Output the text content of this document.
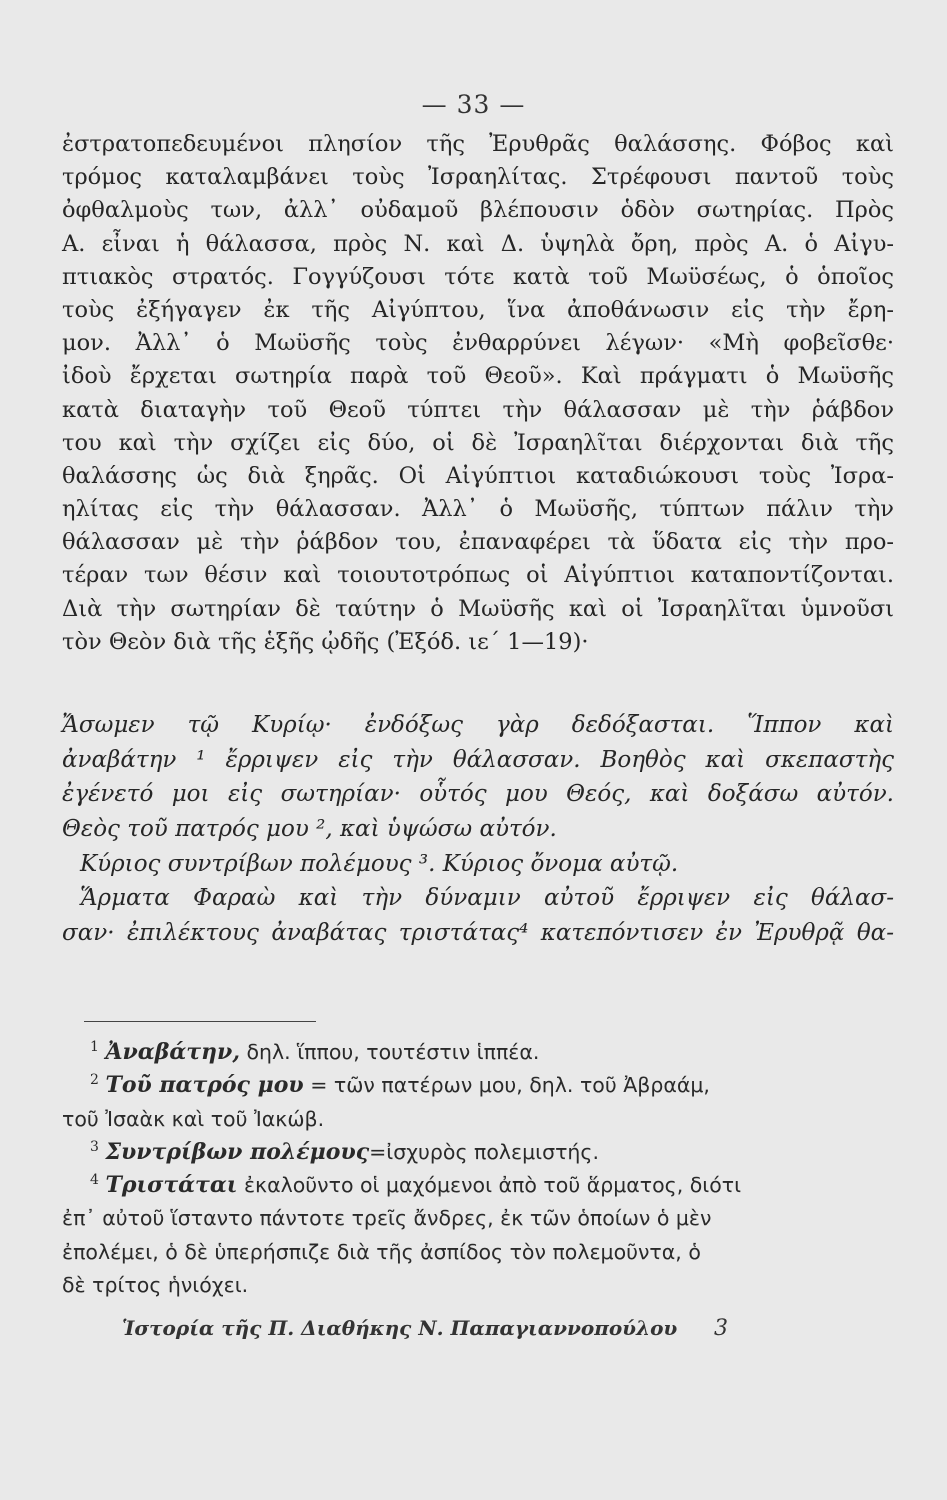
— 33 —
ἐστρατοπεδευμένοι πλησίον τῆς Ἐρυθρᾶς θαλάσσης. Φόβος καὶ
τρόμος καταλαμβάνει τοὺς Ἰσραηλίτας. Στρέφουσι παντοῦ τοὺς
ὀφθαλμοὺς των, ἀλλ᾽ οὐδαμοῦ βλέπουσιν ὁδὸν σωτηρίας. Πρὸς
Α. εἶναι ἡ θάλασσα, πρὸς Ν. καὶ Δ. ὑψηλὰ ὄρη, πρὸς Α. ὁ Αἰγυ-
πτιακὸς στρατός. Γογγύζουσι τότε κατὰ τοῦ Μωϋσέως, ὁ ὁποῖος
τοὺς ἐξήγαγεν ἐκ τῆς Αἰγύπτου, ἵνα ἀποθάνωσιν εἰς τὴν ἔρη-
μον. Ἀλλ᾽ ὁ Μωϋσῆς τοὺς ἐνθαρρύνει λέγων· «Μὴ φοβεῖσθε·
ἰδοὺ ἔρχεται σωτηρία παρὰ τοῦ Θεοῦ». Καὶ πράγματι ὁ Μωϋσῆς
κατὰ διαταγὴν τοῦ Θεοῦ τύπτει τὴν θάλασσαν μὲ τὴν ῥάβδον
του καὶ τὴν σχίζει εἰς δύο, οἱ δὲ Ἰσραηλῖται διέρχονται διὰ τῆς
θαλάσσης ὡς διὰ ξηρᾶς. Οἱ Αἰγύπτιοι καταδιώκουσι τοὺς Ἰσρα-
ηλίτας εἰς τὴν θάλασσαν. Ἀλλ᾽ ὁ Μωϋσῆς, τύπτων πάλιν τὴν
θάλασσαν μὲ τὴν ῥάβδον του, ἐπαναφέρει τὰ ὕδατα εἰς τὴν προ-
τέραν των θέσιν καὶ τοιουτοτρόπως οἱ Αἰγύπτιοι καταποντίζονται.
Διὰ τὴν σωτηρίαν δὲ ταύτην ὁ Μωϋσῆς καὶ οἱ Ἰσραηλῖται ὑμνοῦσι
τὸν Θεὸν διὰ τῆς ἑξῆς ᾠδῆς (Ἐξόδ. ιε΄ 1—19)·
Ἄσωμεν τῷ Κυρίῳ· ἐνδόξως γὰρ δεδόξασται. Ἵππον καὶ
ἀναβάτην ¹ ἔρριψεν εἰς τὴν θάλασσαν. Βοηθὸς καὶ σκεπαστὴς
ἐγένετό μοι εἰς σωτηρίαν· οὗτός μου Θεός, καὶ δοξάσω αὐτόν.
Θεὸς τοῦ πατρός μου ², καὶ ὑψώσω αὐτόν.
Κύριος συντρίβων πολέμους ³. Κύριος ὄνομα αὐτῷ.
Ἅρματα Φαραὼ καὶ τὴν δύναμιν αὐτοῦ ἔρριψεν εἰς θάλασ-
σαν· ἐπιλέκτους ἀναβάτας τριστάτας⁴ κατεπόντισεν ἐν Ἐρυθρᾷ θα-
$^1$ Ἀναβάτην, δηλ. ἵππου, τουτέστιν ἱππέα.
$^2$ Τοῦ πατρός μου = τῶν πατέρων μου, δηλ. τοῦ Ἀβραάμ,
τοῦ Ἰσαὰκ καὶ τοῦ Ἰακώβ.
$^3$ Συντρίβων πολέμους=ἰσχυρὸς πολεμιστής.
$^4$ Τριστάται ἐκαλοῦντο οἱ μαχόμενοι ἀπὸ τοῦ ἅρματος, διότι
ἐπ᾽ αὐτοῦ ἵσταντο πάντοτε τρεῖς ἄνδρες, ἐκ τῶν ὁποίων ὁ μὲν
ἐπολέμει, ὁ δὲ ὑπερήσπιζε διὰ τῆς ἀσπίδος τὸν πολεμοῦντα, ὁ
δὲ τρίτος ἡνιόχει.
Ἱστορία τῆς Π. Διαθήκης Ν. Παπαγιαννοπούλου	3
